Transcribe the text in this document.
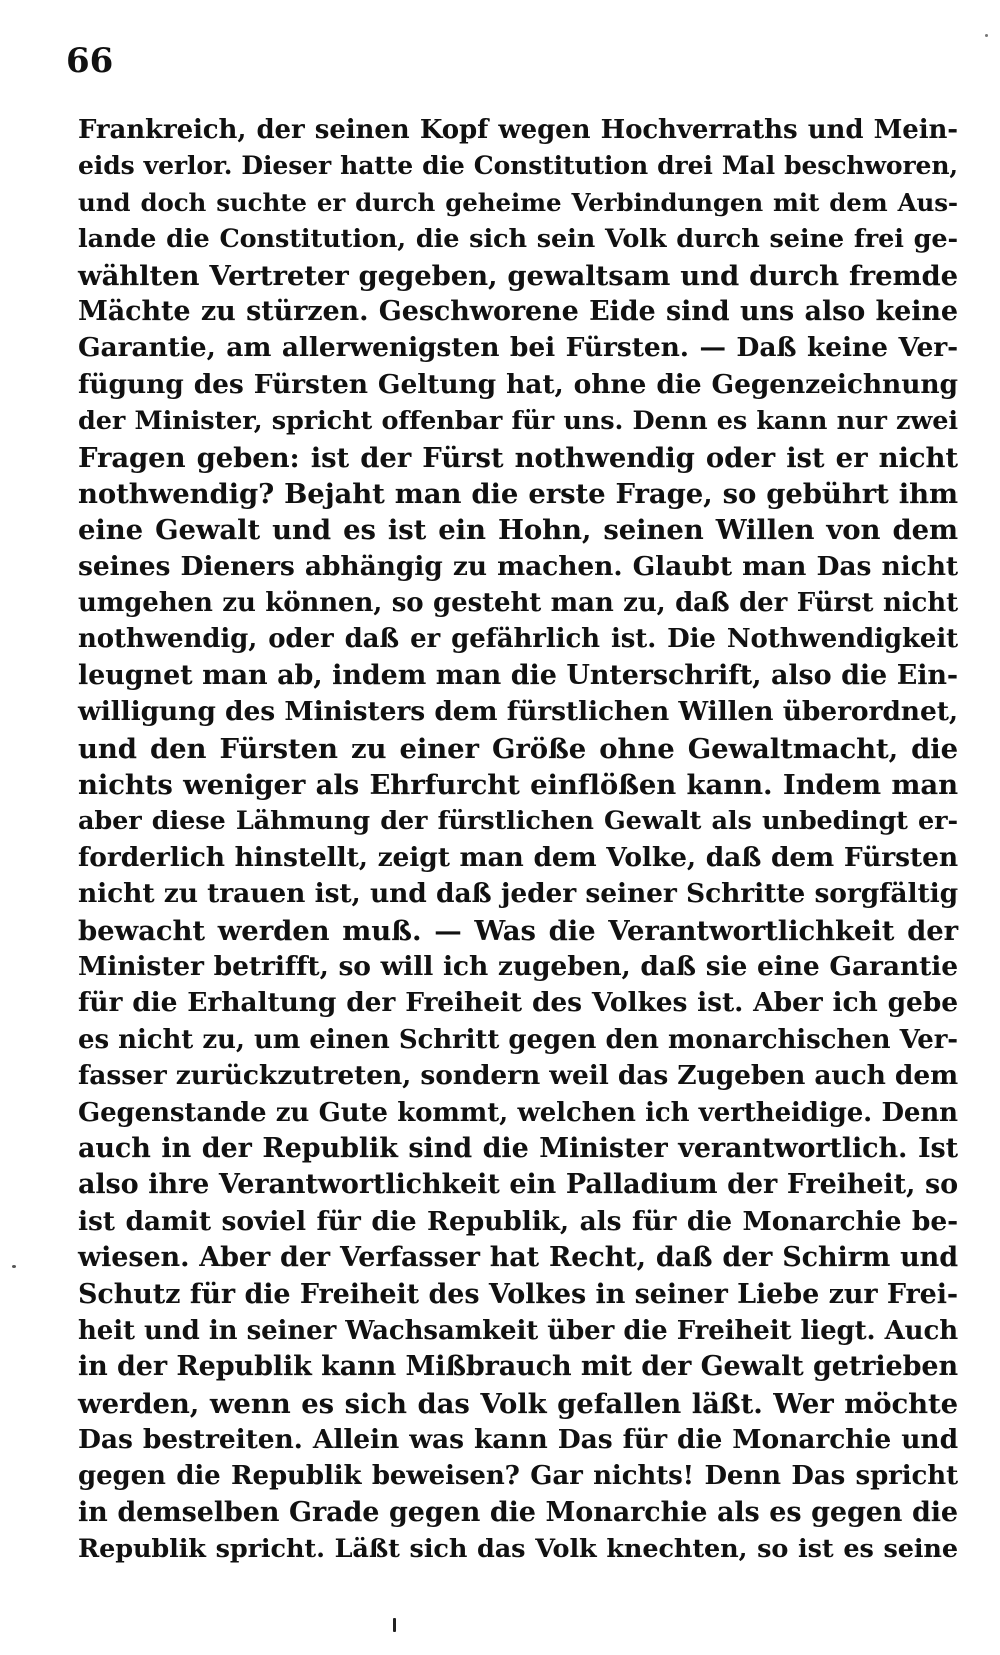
66
Frankreich, der seinen Kopf wegen Hochverraths und Mein-
eids verlor. Dieser hatte die Constitution drei Mal beschworen,
und doch suchte er durch geheime Verbindungen mit dem Aus-
lande die Constitution, die sich sein Volk durch seine frei ge-
wählten Vertreter gegeben, gewaltsam und durch fremde
Mächte zu stürzen. Geschworene Eide sind uns also keine
Garantie, am allerwenigsten bei Fürsten. — Daß keine Ver-
fügung des Fürsten Geltung hat, ohne die Gegenzeichnung
der Minister, spricht offenbar für uns. Denn es kann nur zwei
Fragen geben: ist der Fürst nothwendig oder ist er nicht
nothwendig? Bejaht man die erste Frage, so gebührt ihm
eine Gewalt und es ist ein Hohn, seinen Willen von dem
seines Dieners abhängig zu machen. Glaubt man Das nicht
umgehen zu können, so gesteht man zu, daß der Fürst nicht
nothwendig, oder daß er gefährlich ist. Die Nothwendigkeit
leugnet man ab, indem man die Unterschrift, also die Ein-
willigung des Ministers dem fürstlichen Willen überordnet,
und den Fürsten zu einer Größe ohne Gewaltmacht, die
nichts weniger als Ehrfurcht einflößen kann. Indem man
aber diese Lähmung der fürstlichen Gewalt als unbedingt er-
forderlich hinstellt, zeigt man dem Volke, daß dem Fürsten
nicht zu trauen ist, und daß jeder seiner Schritte sorgfältig
bewacht werden muß. — Was die Verantwortlichkeit der
Minister betrifft, so will ich zugeben, daß sie eine Garantie
für die Erhaltung der Freiheit des Volkes ist. Aber ich gebe
es nicht zu, um einen Schritt gegen den monarchischen Ver-
fasser zurückzutreten, sondern weil das Zugeben auch dem
Gegenstande zu Gute kommt, welchen ich vertheidige. Denn
auch in der Republik sind die Minister verantwortlich. Ist
also ihre Verantwortlichkeit ein Palladium der Freiheit, so
ist damit soviel für die Republik, als für die Monarchie be-
wiesen. Aber der Verfasser hat Recht, daß der Schirm und
Schutz für die Freiheit des Volkes in seiner Liebe zur Frei-
heit und in seiner Wachsamkeit über die Freiheit liegt. Auch
in der Republik kann Mißbrauch mit der Gewalt getrieben
werden, wenn es sich das Volk gefallen läßt. Wer möchte
Das bestreiten. Allein was kann Das für die Monarchie und
gegen die Republik beweisen? Gar nichts! Denn Das spricht
in demselben Grade gegen die Monarchie als es gegen die
Republik spricht. Läßt sich das Volk knechten, so ist es seine
